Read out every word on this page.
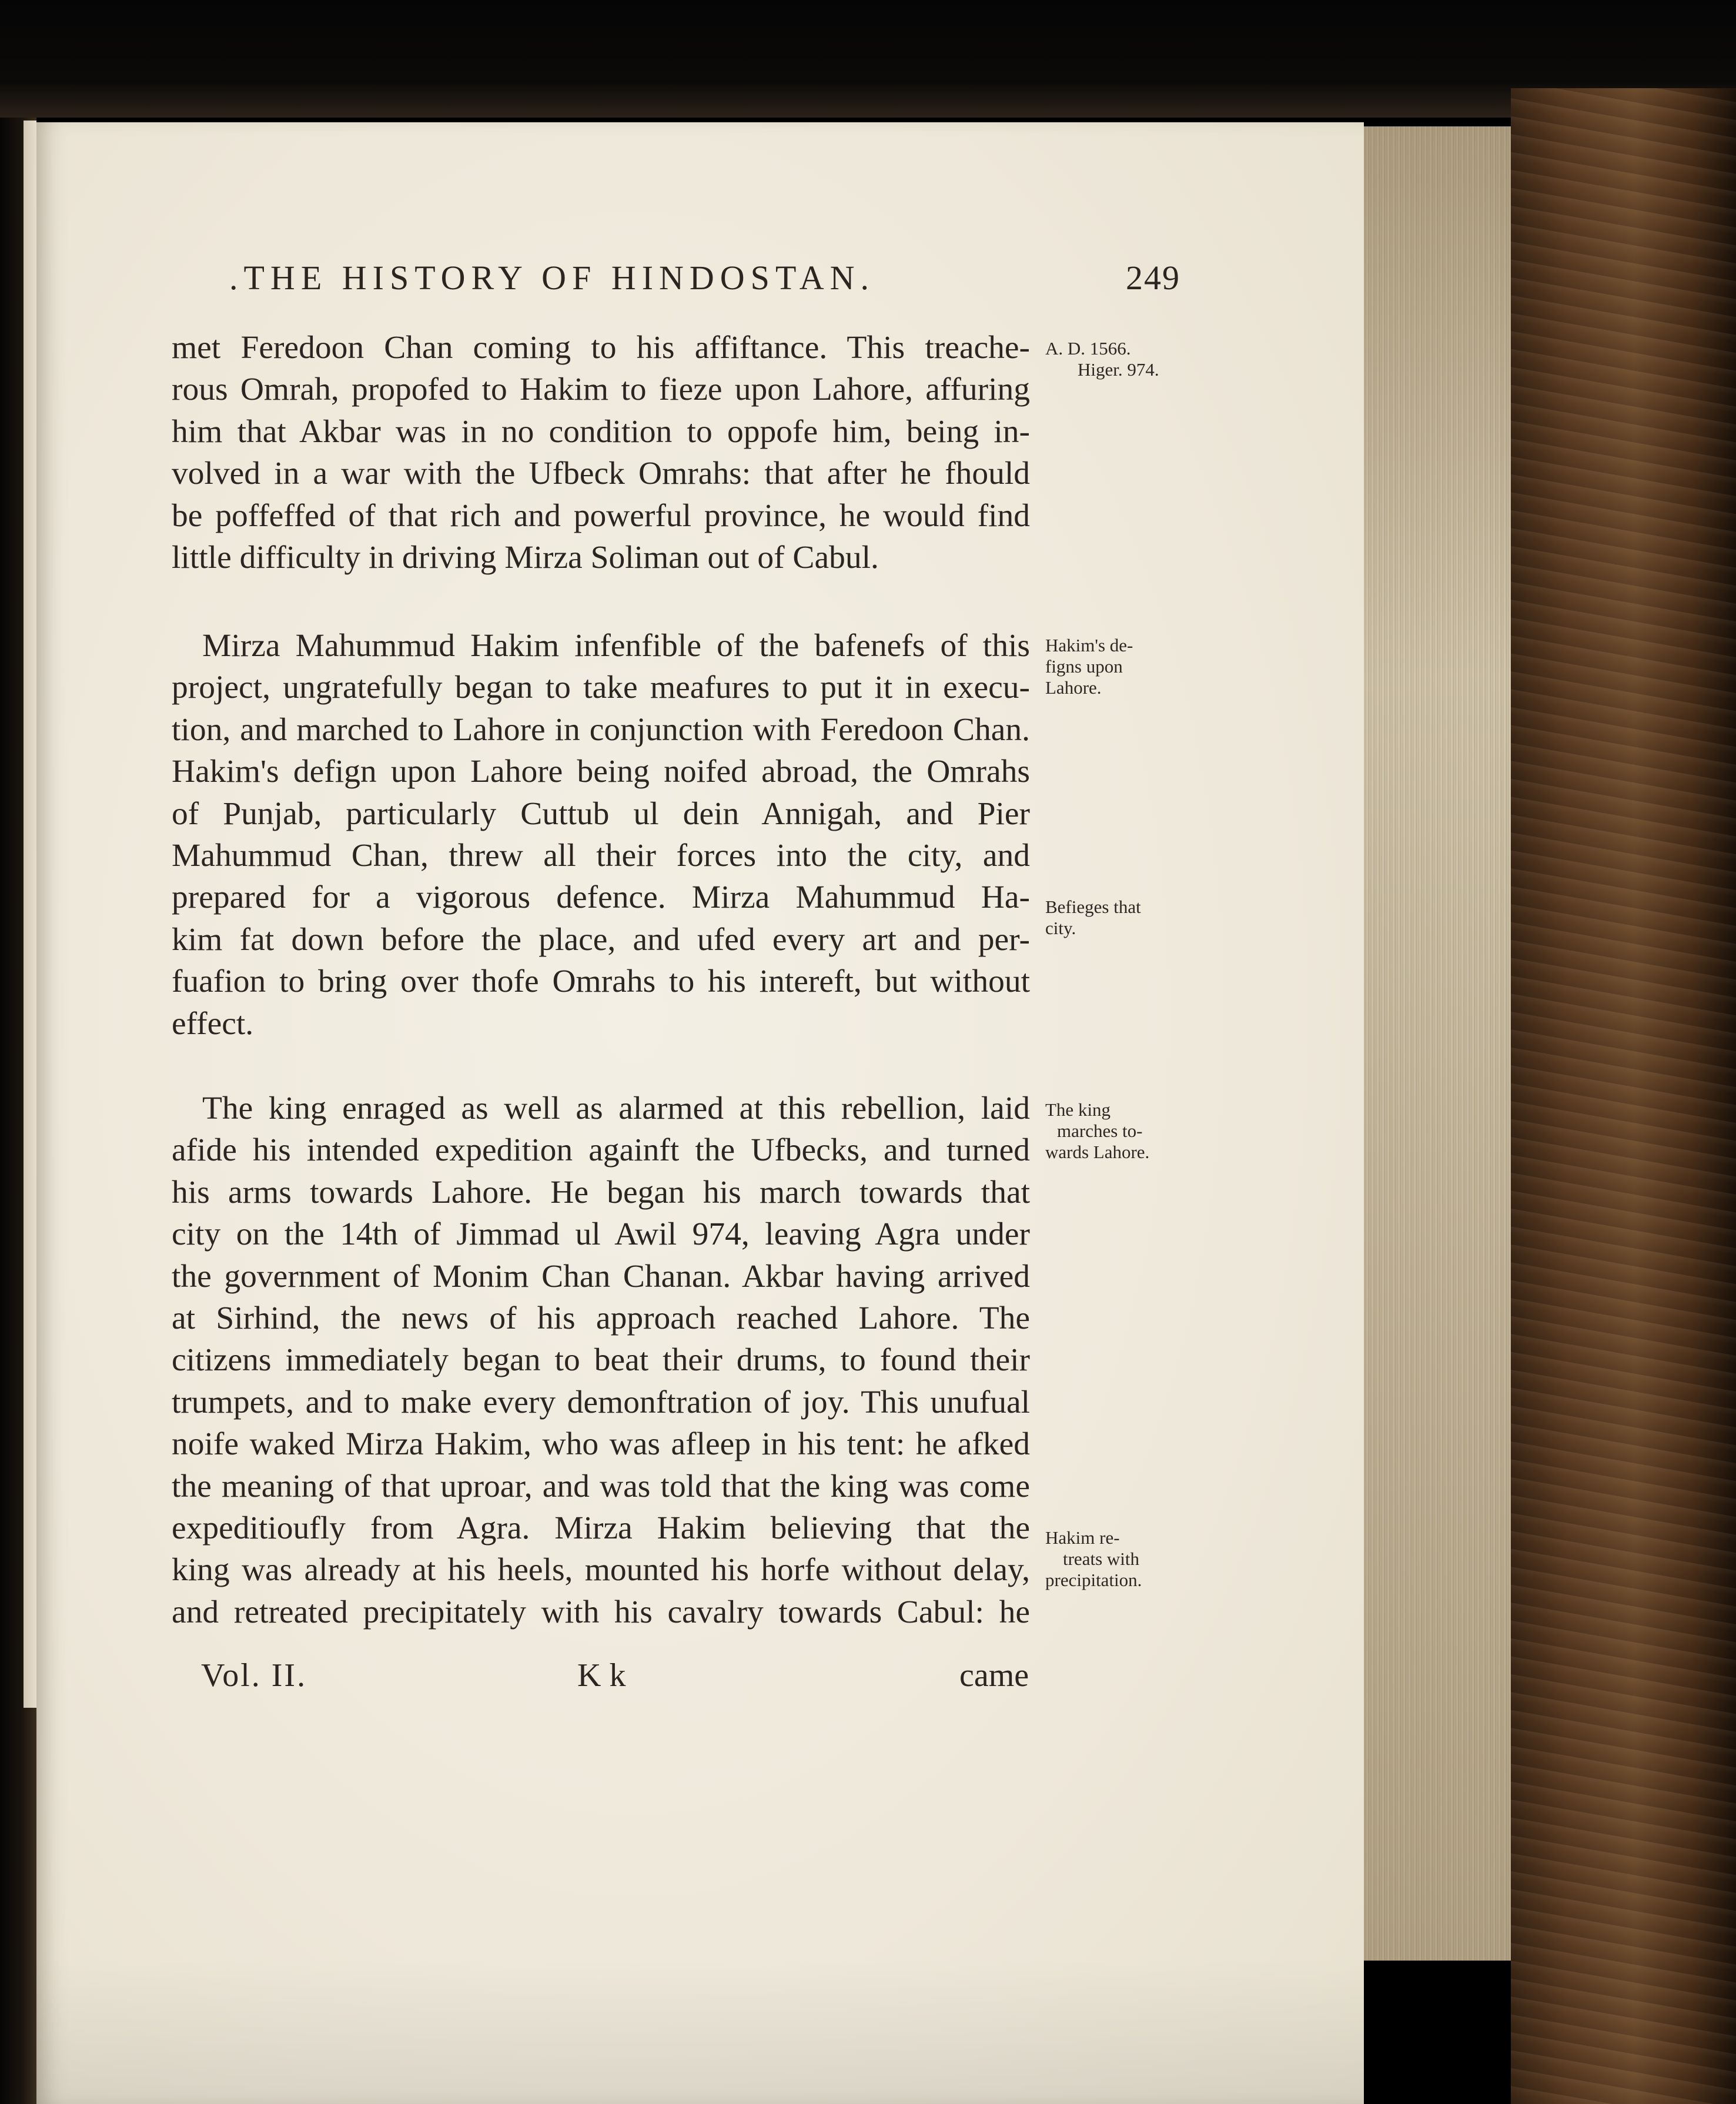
.THE HISTORY OF HINDOSTAN.	249

met Feredoon Chan coming to his affiftance. This treache-
rous Omrah, propofed to Hakim to fieze upon Lahore, affuring
him that Akbar was in no condition to oppofe him, being in-
volved in a war with the Ufbeck Omrahs: that after he fhould
be poffeffed of that rich and powerful province, he would find
little difficulty in driving Mirza Soliman out of Cabul.

Mirza Mahummud Hakim infenfible of the bafenefs of this
project, ungratefully began to take meafures to put it in execu-
tion, and marched to Lahore in conjunction with Feredoon Chan.
Hakim's defign upon Lahore being noifed abroad, the Omrahs
of Punjab, particularly Cuttub ul dein Annigah, and Pier
Mahummud Chan, threw all their forces into the city, and
prepared for a vigorous defence. Mirza Mahummud Ha-
kim fat down before the place, and ufed every art and per-
fuafion to bring over thofe Omrahs to his intereft, but without
effect.

The king enraged as well as alarmed at this rebellion, laid
afide his intended expedition againft the Ufbecks, and turned
his arms towards Lahore. He began his march towards that
city on the 14th of Jimmad ul Awil 974, leaving Agra under
the government of Monim Chan Chanan. Akbar having arrived
at Sirhind, the news of his approach reached Lahore. The
citizens immediately began to beat their drums, to found their
trumpets, and to make every demonftration of joy. This unufual
noife waked Mirza Hakim, who was afleep in his tent: he afked
the meaning of that uproar, and was told that the king was come
expeditioufly from Agra. Mirza Hakim believing that the
king was already at his heels, mounted his horfe without delay,
and retreated precipitately with his cavalry towards Cabul: he

A. D. 1566.
Higer. 974.
Hakim's de-
figns upon
Lahore.
Befieges that
city.
The king
marches to-
wards Lahore.
Hakim re-
treats with
precipitation.
Vol. II.	K k	came
